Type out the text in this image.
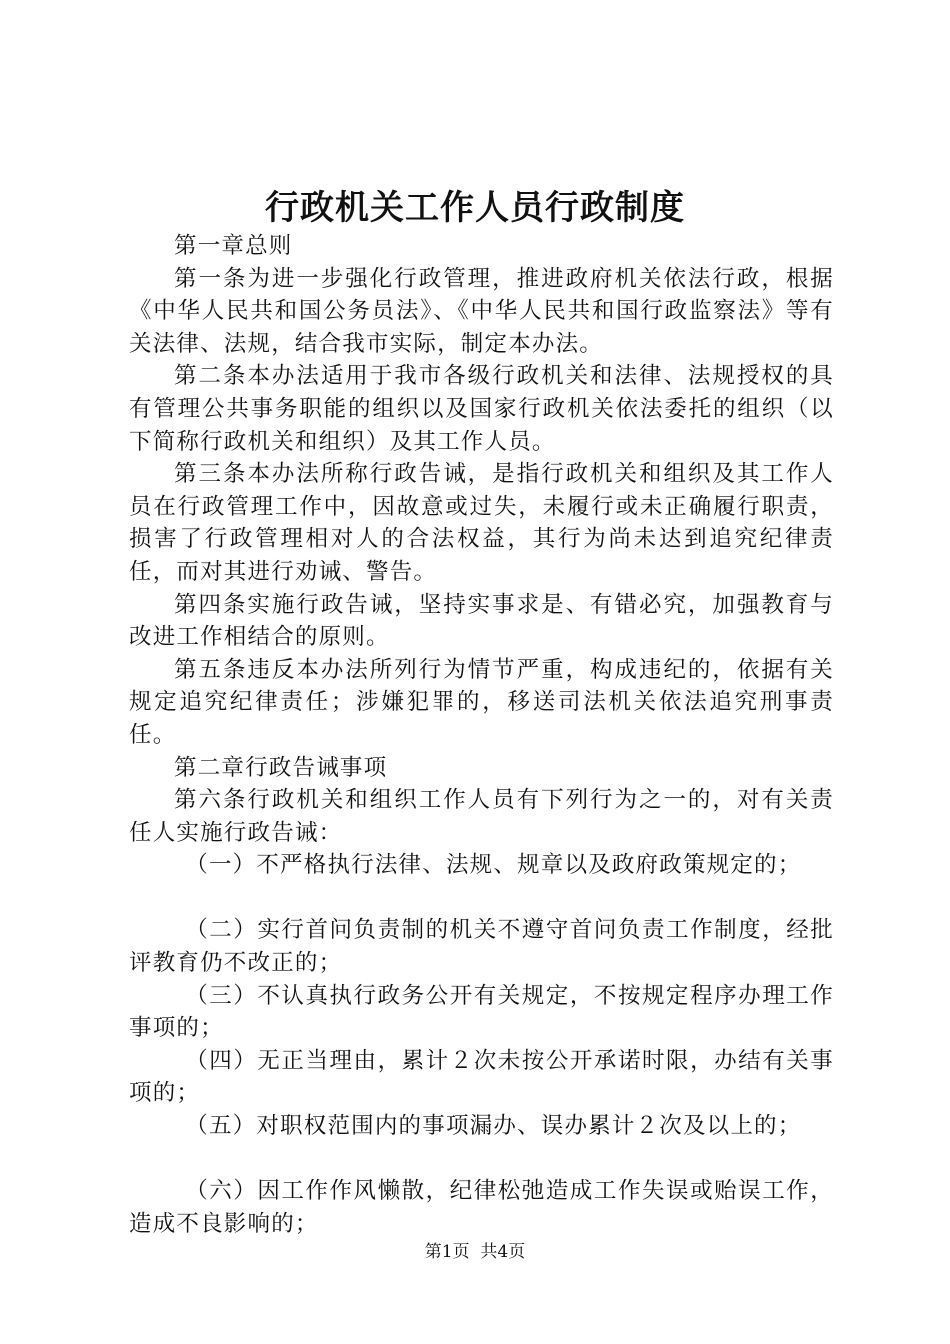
行政机关工作人员行政制度

第一章总则

第一条为进一步强化行政管理，推进政府机关依法行政，根据《中华人民共和国公务员法》、《中华人民共和国行政监察法》等有关法律、法规，结合我市实际，制定本办法。

第二条本办法适用于我市各级行政机关和法律、法规授权的具有管理公共事务职能的组织以及国家行政机关依法委托的组织（以下简称行政机关和组织）及其工作人员。

第三条本办法所称行政告诫，是指行政机关和组织及其工作人员在行政管理工作中，因故意或过失，未履行或未正确履行职责，损害了行政管理相对人的合法权益，其行为尚未达到追究纪律责任，而对其进行劝诫、警告。

第四条实施行政告诫，坚持实事求是、有错必究，加强教育与改进工作相结合的原则。

第五条违反本办法所列行为情节严重，构成违纪的，依据有关规定追究纪律责任；涉嫌犯罪的，移送司法机关依法追究刑事责任。

第二章行政告诫事项

第六条行政机关和组织工作人员有下列行为之一的，对有关责任人实施行政告诫：

（一）不严格执行法律、法规、规章以及政府政策规定的；

（二）实行首问负责制的机关不遵守首问负责工作制度，经批评教育仍不改正的；

（三）不认真执行政务公开有关规定，不按规定程序办理工作事项的；

（四）无正当理由，累计２次未按公开承诺时限，办结有关事项的；

（五）对职权范围内的事项漏办、误办累计２次及以上的；

（六）因工作作风懒散，纪律松弛造成工作失误或贻误工作，造成不良影响的；

第1页 共4页
